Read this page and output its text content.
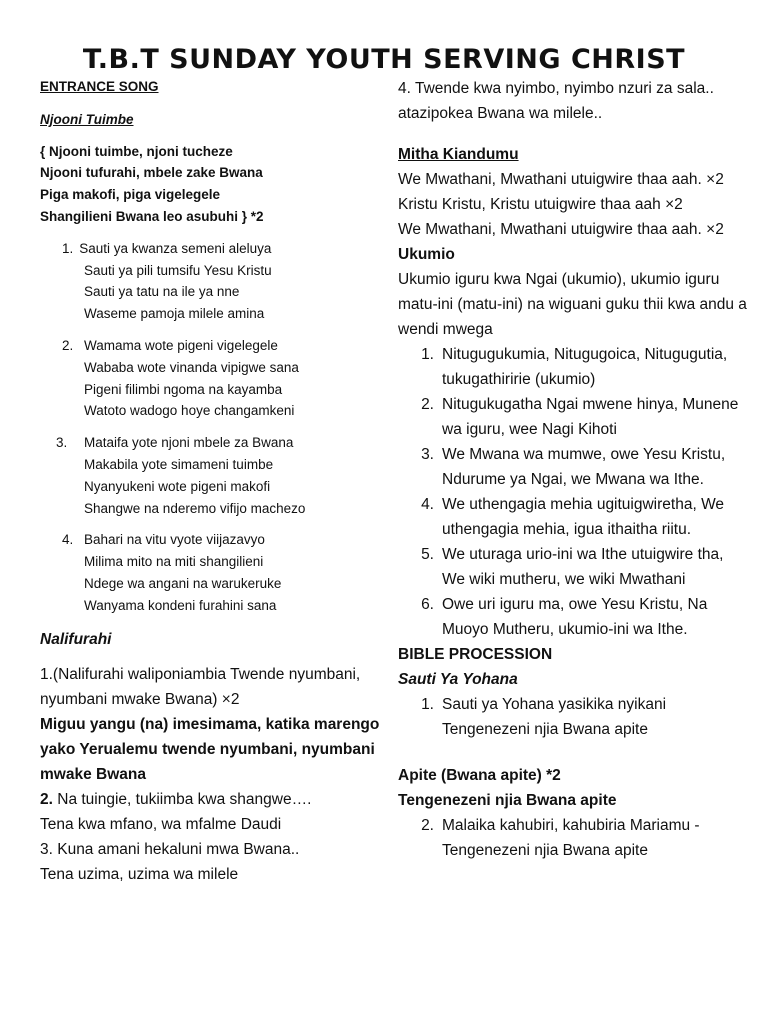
T.B.T SUNDAY YOUTH SERVING CHRIST

ENTRANCE SONG

Njooni Tuimbe

{ Njooni tuimbe, njoni tucheze

Njooni tufurahi, mbele zake Bwana

Piga makofi, piga vigelegele

Shangilieni Bwana leo asubuhi } *2

1. Sauti ya kwanza semeni aleluya
Sauti ya pili tumsifu Yesu Kristu
Sauti ya tatu na ile ya nne
Waseme pamoja milele amina
2. Wamama wote pigeni vigelegele
Wababa wote vinanda vipigwe sana
Pigeni filimbi ngoma na kayamba
Watoto wadogo hoye changamkeni
3.	Mataifa yote njoni mbele za Bwana
Makabila yote simameni tuimbe
Nyanyukeni wote pigeni makofi
Shangwe na nderemo vifijo machezo
4. Bahari na vitu vyote viijazavyo
Milima mito na miti shangilieni
Ndege wa angani na warukeruke
Wanyama kondeni furahini sana

Nalifurahi

1.(Nalifurahi waliponiambia Twende nyumbani, nyumbani mwake Bwana) ×2

Miguu yangu (na) imesimama, katika marengo yako Yerualemu twende nyumbani, nyumbani mwake Bwana

2. Na tuingie, tukiimba kwa shangwe….

Tena kwa mfano, wa mfalme Daudi

3. Kuna amani hekaluni mwa Bwana..

Tena uzima, uzima wa milele

4. Twende kwa nyimbo, nyimbo nzuri za sala.. atazipokea Bwana wa milele..

Mitha Kiandumu

We Mwathani, Mwathani utuigwire thaa aah. ×2

Kristu Kristu, Kristu utuigwire thaa aah ×2

We Mwathani, Mwathani utuigwire thaa aah. ×2

Ukumio

Ukumio iguru kwa Ngai (ukumio), ukumio iguru matu-ini (matu-ini) na wiguani guku thii kwa andu a wendi mwega

1. Nitugugukumia, Nitugugoica, Nitugugutia, tukugathiririe (ukumio)
2. Nitugukugatha Ngai mwene hinya, Munene wa iguru, wee Nagi Kihoti
3. We Mwana wa mumwe, owe Yesu Kristu, Ndurume ya Ngai, we Mwana wa Ithe.
4. We uthengagia mehia ugituigwiretha, We uthengagia mehia, igua ithaitha riitu.
5. We uturaga urio-ini wa Ithe utuigwire tha, We wiki mutheru, we wiki Mwathani
6. Owe uri iguru ma, owe Yesu Kristu, Na Muoyo Mutheru, ukumio-ini wa Ithe.

BIBLE PROCESSION

Sauti Ya Yohana

1. Sauti ya Yohana yasikika nyikani Tengenezeni njia Bwana apite

Apite (Bwana apite) *2

Tengenezeni njia Bwana apite

2. Malaika kahubiri, kahubiria Mariamu - Tengenezeni njia Bwana apite
